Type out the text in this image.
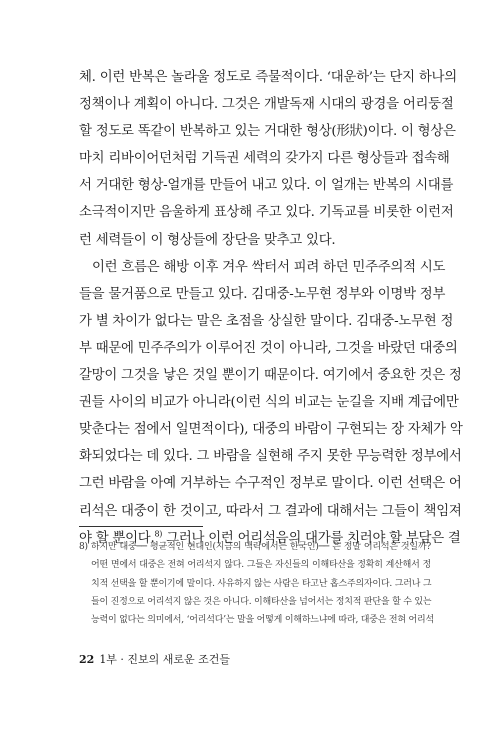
체. 이런 반복은 놀라울 정도로 즉물적이다. ‘대운하’는 단지 하나의
정책이나 계획이 아니다. 그것은 개발독재 시대의 광경을 어리둥절
할 정도로 똑같이 반복하고 있는 거대한 형상(形狀)이다. 이 형상은
마치 리바이어던처럼 기득권 세력의 갖가지 다른 형상들과 접속해
서 거대한 형상-얼개를 만들어 내고 있다. 이 얼개는 반복의 시대를
소극적이지만 음울하게 표상해 주고 있다. 기독교를 비롯한 이런저
런 세력들이 이 형상들에 장단을 맞추고 있다.
이런 흐름은 해방 이후 겨우 싹터서 피려 하던 민주주의적 시도
들을 물거품으로 만들고 있다. 김대중-노무현 정부와 이명박 정부
가 별 차이가 없다는 말은 초점을 상실한 말이다. 김대중-노무현 정
부 때문에 민주주의가 이루어진 것이 아니라, 그것을 바랐던 대중의
갈망이 그것을 낳은 것일 뿐이기 때문이다. 여기에서 중요한 것은 정
권들 사이의 비교가 아니라(이런 식의 비교는 눈길을 지배 계급에만
맞춘다는 점에서 일면적이다), 대중의 바람이 구현되는 장 자체가 악
화되었다는 데 있다. 그 바람을 실현해 주지 못한 무능력한 정부에서
그런 바람을 아예 거부하는 수구적인 정부로 말이다. 이런 선택은 어
리석은 대중이 한 것이고, 따라서 그 결과에 대해서는 그들이 책임져
야 할 뿐이다.$^{8)}$ 그러나 이런 어리석음의 대가를 치러야 할 부담은 결
8) 하지만 대중── 평균적인 현대인(지금의 맥락에서는 한국인)── 은 정말 어리석은 것일까?
어떤 면에서 대중은 전혀 어리석지 않다. 그들은 자신들의 이해타산을 정확히 계산해서 정
치적 선택을 할 뿐이기에 말이다. 사유하지 않는 사람은 타고난 홉스주의자이다. 그러나 그
들이 진정으로 어리석지 않은 것은 아니다. 이해타산을 넘어서는 정치적 판단을 할 수 있는
능력이 없다는 의미에서, ‘어리석다’는 말을 어떻게 이해하느냐에 따라, 대중은 전혀 어리석
22 1부 · 진보의 새로운 조건들
